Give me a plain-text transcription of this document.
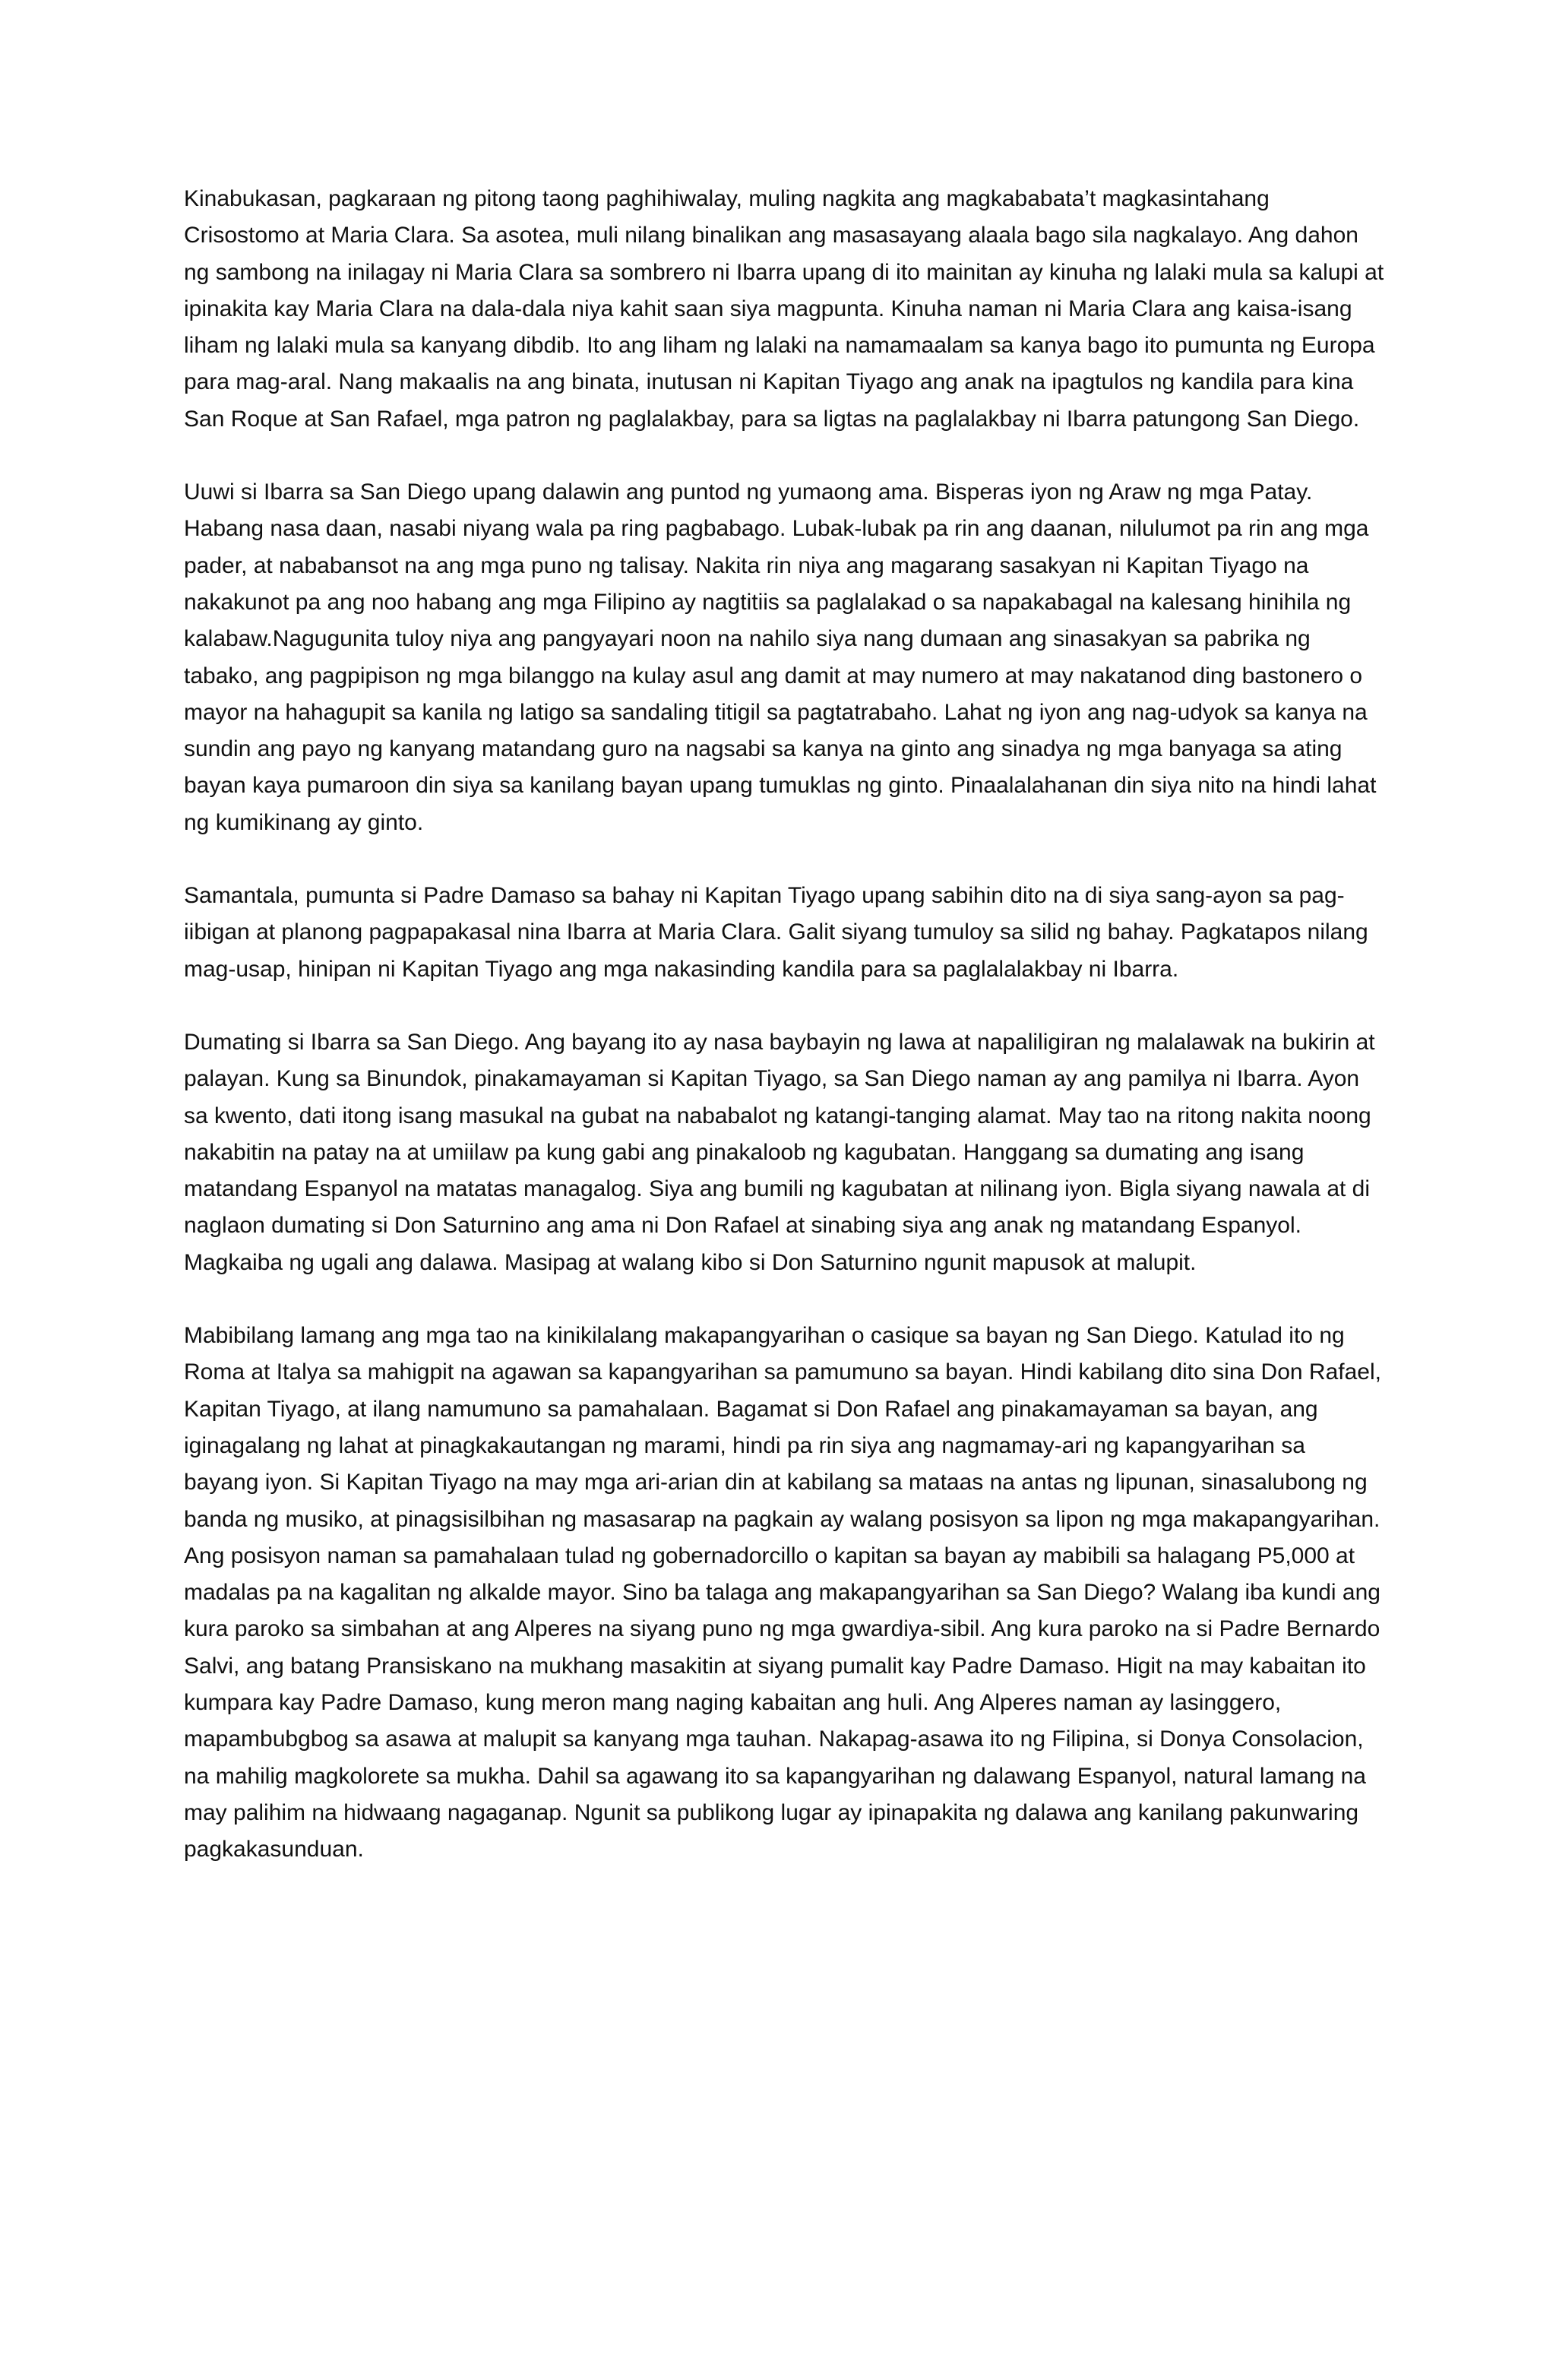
Kinabukasan, pagkaraan ng pitong taong paghihiwalay, muling nagkita ang magkababata’t magkasintahang Crisostomo at Maria Clara. Sa asotea, muli nilang binalikan ang masasayang alaala bago sila nagkalayo. Ang dahon ng sambong na inilagay ni Maria Clara sa sombrero ni Ibarra upang di ito mainitan ay kinuha ng lalaki mula sa kalupi at ipinakita kay Maria Clara na dala-dala niya kahit saan siya magpunta. Kinuha naman ni Maria Clara ang kaisa-isang liham ng lalaki mula sa kanyang dibdib. Ito ang liham ng lalaki na namamaalam sa kanya bago ito pumunta ng Europa para mag-aral. Nang makaalis na ang binata, inutusan ni Kapitan Tiyago ang anak na ipagtulos ng kandila para kina San Roque at San Rafael, mga patron ng paglalakbay, para sa ligtas na paglalakbay ni Ibarra patungong San Diego.

Uuwi si Ibarra sa San Diego upang dalawin ang puntod ng yumaong ama. Bisperas iyon ng Araw ng mga Patay. Habang nasa daan, nasabi niyang wala pa ring pagbabago. Lubak-lubak pa rin ang daanan, nilulumot pa rin ang mga pader, at nababansot na ang mga puno ng talisay. Nakita rin niya ang magarang sasakyan ni Kapitan Tiyago na nakakunot pa ang noo habang ang mga Filipino ay nagtitiis sa paglalakad o sa napakabagal na kalesang hinihila ng kalabaw.Nagugunita tuloy niya ang pangyayari noon na nahilo siya nang dumaan ang sinasakyan sa pabrika ng tabako, ang pagpipison ng mga bilanggo na kulay asul ang damit at may numero at may nakatanod ding bastonero o mayor na hahagupit sa kanila ng latigo sa sandaling titigil sa pagtatrabaho. Lahat ng iyon ang nag-udyok sa kanya na sundin ang payo ng kanyang matandang guro na nagsabi sa kanya na ginto ang sinadya ng mga banyaga sa ating bayan kaya pumaroon din siya sa kanilang bayan upang tumuklas ng ginto. Pinaalalahanan din siya nito na hindi lahat ng kumikinang ay ginto.

Samantala, pumunta si Padre Damaso sa bahay ni Kapitan Tiyago upang sabihin dito na di siya sang-ayon sa pag-iibigan at planong pagpapakasal nina Ibarra at Maria Clara. Galit siyang tumuloy sa silid ng bahay. Pagkatapos nilang mag-usap, hinipan ni Kapitan Tiyago ang mga nakasinding kandila para sa paglalalakbay ni Ibarra.

Dumating si Ibarra sa San Diego. Ang bayang ito ay nasa baybayin ng lawa at napaliligiran ng malalawak na bukirin at palayan. Kung sa Binundok, pinakamayaman si Kapitan Tiyago, sa San Diego naman ay ang pamilya ni Ibarra. Ayon sa kwento, dati itong isang masukal na gubat na nababalot ng katangi-tanging alamat. May tao na ritong nakita noong nakabitin na patay na at umiilaw pa kung gabi ang pinakaloob ng kagubatan. Hanggang sa dumating ang isang matandang Espanyol na matatas managalog. Siya ang bumili ng kagubatan at nilinang iyon. Bigla siyang nawala at di naglaon dumating si Don Saturnino ang ama ni Don Rafael at sinabing siya ang anak ng matandang Espanyol. Magkaiba ng ugali ang dalawa. Masipag at walang kibo si Don Saturnino ngunit mapusok at malupit.

Mabibilang lamang ang mga tao na kinikilalang makapangyarihan o casique sa bayan ng San Diego. Katulad ito ng Roma at Italya sa mahigpit na agawan sa kapangyarihan sa pamumuno sa bayan. Hindi kabilang dito sina Don Rafael, Kapitan Tiyago, at ilang namumuno sa pamahalaan. Bagamat si Don Rafael ang pinakamayaman sa bayan, ang iginagalang ng lahat at pinagkakautangan ng marami, hindi pa rin siya ang nagmamay-ari ng kapangyarihan sa bayang iyon. Si Kapitan Tiyago na may mga ari-arian din at kabilang sa mataas na antas ng lipunan, sinasalubong ng banda ng musiko, at pinagsisilbihan ng masasarap na pagkain ay walang posisyon sa lipon ng mga makapangyarihan. Ang posisyon naman sa pamahalaan tulad ng gobernadorcillo o kapitan sa bayan ay mabibili sa halagang P5,000 at madalas pa na kagalitan ng alkalde mayor. Sino ba talaga ang makapangyarihan sa San Diego? Walang iba kundi ang kura paroko sa simbahan at ang Alperes na siyang puno ng mga gwardiya-sibil. Ang kura paroko na si Padre Bernardo Salvi, ang batang Pransiskano na mukhang masakitin at siyang pumalit kay Padre Damaso. Higit na may kabaitan ito kumpara kay Padre Damaso, kung meron mang naging kabaitan ang huli. Ang Alperes naman ay lasinggero, mapambubgbog sa asawa at malupit sa kanyang mga tauhan. Nakapag-asawa ito ng Filipina, si Donya Consolacion, na mahilig magkolorete sa mukha. Dahil sa agawang ito sa kapangyarihan ng dalawang Espanyol, natural lamang na may palihim na hidwaang nagaganap. Ngunit sa publikong lugar ay ipinapakita ng dalawa ang kanilang pakunwaring pagkakasunduan.
